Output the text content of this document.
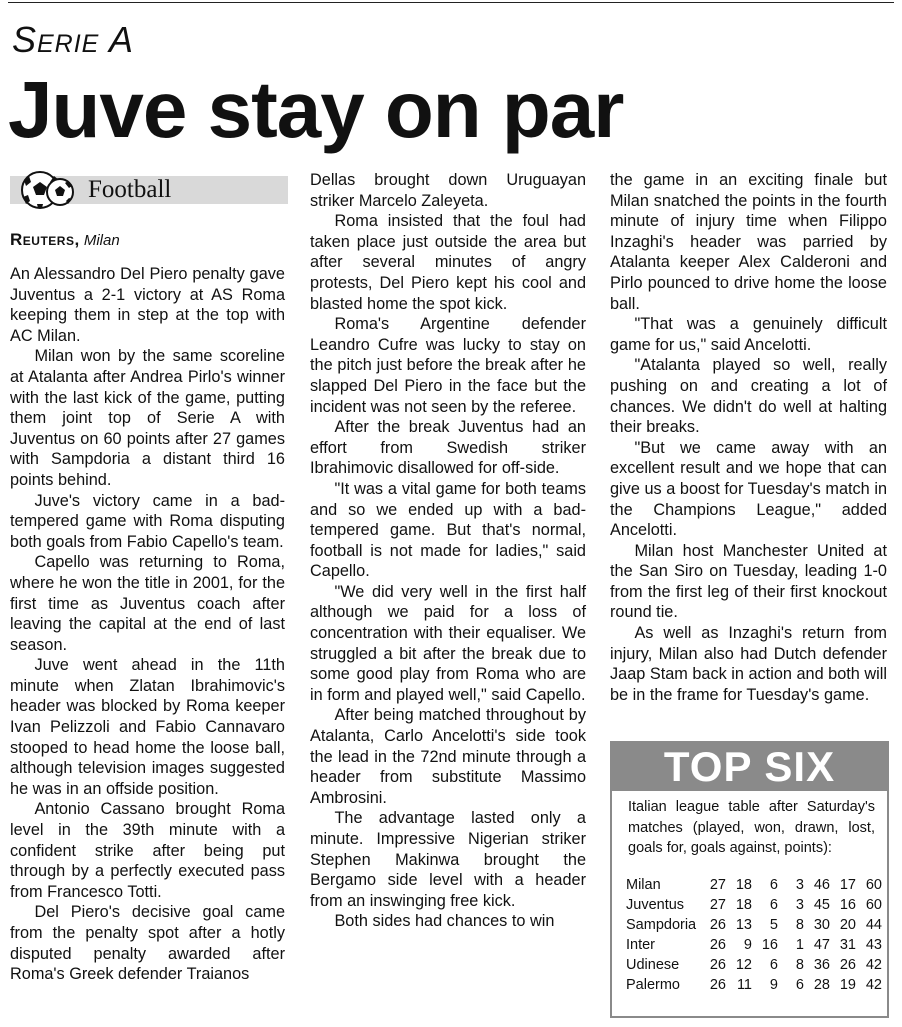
Serie A
Juve stay on par
Football
Reuters, Milan

An Alessandro Del Piero penalty gave Juventus a 2-1 victory at AS Roma keeping them in step at the top with AC Milan.

Milan won by the same scoreline at Atalanta after Andrea Pirlo's winner with the last kick of the game, putting them joint top of Serie A with Juventus on 60 points after 27 games with Sampdoria a distant third 16 points behind.

Juve's victory came in a bad-tempered game with Roma disputing both goals from Fabio Capello's team.

Capello was returning to Roma, where he won the title in 2001, for the first time as Juventus coach after leaving the capital at the end of last season.

Juve went ahead in the 11th minute when Zlatan Ibrahimovic's header was blocked by Roma keeper Ivan Pelizzoli and Fabio Cannavaro stooped to head home the loose ball, although television images suggested he was in an offside position.

Antonio Cassano brought Roma level in the 39th minute with a confident strike after being put through by a perfectly executed pass from Francesco Totti.

Del Piero's decisive goal came from the penalty spot after a hotly disputed penalty awarded after Roma's Greek defender Traianos

Dellas brought down Uruguayan striker Marcelo Zaleyeta.

Roma insisted that the foul had taken place just outside the area but after several minutes of angry protests, Del Piero kept his cool and blasted home the spot kick.

Roma's Argentine defender Leandro Cufre was lucky to stay on the pitch just before the break after he slapped Del Piero in the face but the incident was not seen by the referee.

After the break Juventus had an effort from Swedish striker Ibrahimovic disallowed for off-side.

"It was a vital game for both teams and so we ended up with a bad-tempered game. But that's normal, football is not made for ladies," said Capello.

"We did very well in the first half although we paid for a loss of concentration with their equaliser. We struggled a bit after the break due to some good play from Roma who are in form and played well," said Capello.

After being matched throughout by Atalanta, Carlo Ancelotti's side took the lead in the 72nd minute through a header from substitute Massimo Ambrosini.

The advantage lasted only a minute. Impressive Nigerian striker Stephen Makinwa brought the Bergamo side level with a header from an inswinging free kick.

Both sides had chances to win

the game in an exciting finale but Milan snatched the points in the fourth minute of injury time when Filippo Inzaghi's header was parried by Atalanta keeper Alex Calderoni and Pirlo pounced to drive home the loose ball.

"That was a genuinely difficult game for us," said Ancelotti.

"Atalanta played so well, really pushing on and creating a lot of chances. We didn't do well at halting their breaks.

"But we came away with an excellent result and we hope that can give us a boost for Tuesday's match in the Champions League," added Ancelotti.

Milan host Manchester United at the San Siro on Tuesday, leading 1-0 from the first leg of their first knockout round tie.

As well as Inzaghi's return from injury, Milan also had Dutch defender Jaap Stam back in action and both will be in the frame for Tuesday's game.

TOP SIX
Italian league table after Saturday's matches (played, won, drawn, lost, goals for, goals against, points):
Milan	27	18	6	3	46	17	60
Juventus	27	18	6	3	45	16	60
Sampdoria	26	13	5	8	30	20	44
Inter	26	9	16	1	47	31	43
Udinese	26	12	6	8	36	26	42
Palermo	26	11	9	6	28	19	42
